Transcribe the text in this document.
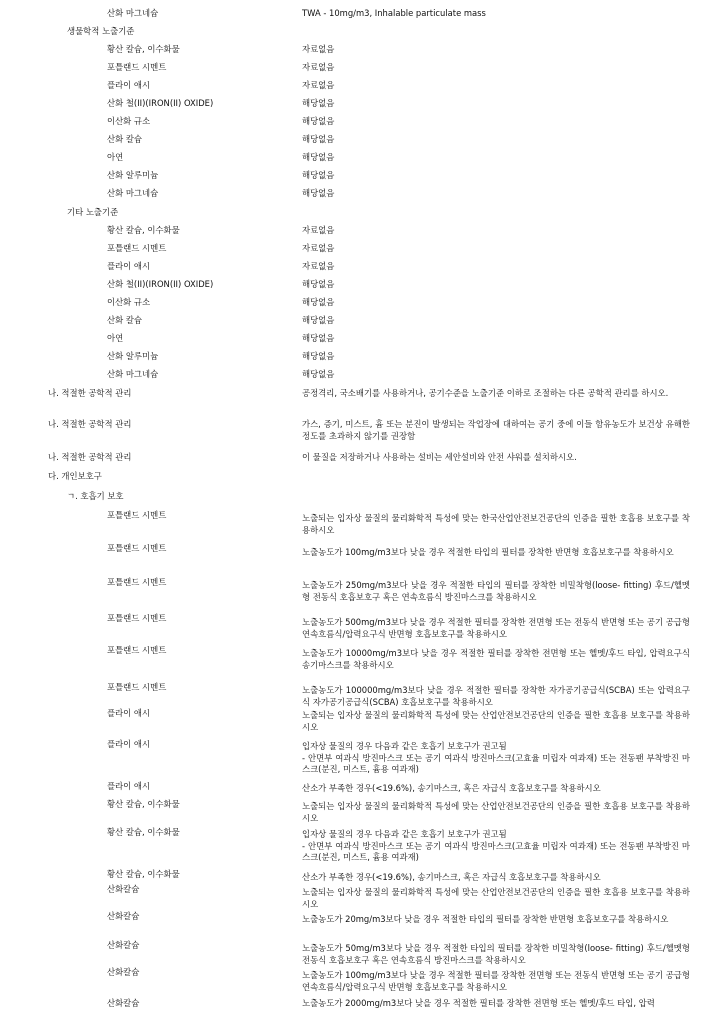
산화 마그네슘	TWA - 10mg/m3, Inhalable particulate mass
생물학적 노출기준
황산 칼슘, 이수화물	자료없음
포틀랜드 시멘트	자료없음
플라이 애시	자료없음
산화 철(II)(IRON(II) OXIDE)	해당없음
이산화 규소	해당없음
산화 칼슘	해당없음
아연	해당없음
산화 알루미늄	해당없음
산화 마그네슘	해당없음
기타 노출기준
황산 칼슘, 이수화물	자료없음
포틀랜드 시멘트	자료없음
플라이 애시	자료없음
산화 철(II)(IRON(II) OXIDE)	해당없음
이산화 규소	해당없음
산화 칼슘	해당없음
아연	해당없음
산화 알루미늄	해당없음
산화 마그네슘	해당없음
나. 적절한 공학적 관리	공정격리, 국소배기를 사용하거나, 공기수준을 노출기준 이하로 조절하는 다른 공학적 관리를 하시오.
나. 적절한 공학적 관리	가스, 증기, 미스트, 흄 또는 분진이 발생되는 작업장에 대하여는 공기 중에 이들 함유농도가 보건상 유해한 정도를 초과하지 않기를 권장함
나. 적절한 공학적 관리	이 물질을 저장하거나 사용하는 설비는 세안설비와 안전 샤워를 설치하시오.
다. 개인보호구
ㄱ. 호흡기 보호
포틀랜드 시멘트	노출되는 입자상 물질의 물리화학적 특성에 맞는 한국산업안전보건공단의 인증을 필한 호흡용 보호구를 착용하시오
포틀랜드 시멘트	노출농도가 100mg/m3보다 낮을 경우 적절한 타입의 필터를 장착한 반면형 호흡보호구를 착용하시오
포틀랜드 시멘트	노출농도가 250mg/m3보다 낮을 경우 적절한 타입의 필터를 장착한 비밀착형(loose- fitting) 후드/헬멧형 전동식 호흡보호구 혹은 연속흐름식 방진마스크를 착용하시오
포틀랜드 시멘트	노출농도가 500mg/m3보다 낮을 경우 적절한 필터를 장착한 전면형 또는 전동식 반면형 또는 공기 공급형 연속흐름식/압력요구식 반면형 호흡보호구를 착용하시오
포틀랜드 시멘트	노출농도가 10000mg/m3보다 낮을 경우 적절한 필터를 장착한 전면형 또는 헬멧/후드 타입, 압력요구식 송기마스크를 착용하시오
포틀랜드 시멘트	노출농도가 100000mg/m3보다 낮을 경우 적절한 필터를 장착한 자가공기공급식(SCBA) 또는 압력요구식 자가공기공급식(SCBA) 호흡보호구를 착용하시오
플라이 애시	노출되는 입자상 물질의 물리화학적 특성에 맞는 산업안전보건공단의 인증을 필한 호흡용 보호구를 착용하시오
플라이 애시	입자상 물질의 경우 다음과 같은 호흡기 보호구가 권고됨
- 안면부 여과식 방진마스크 또는 공기 여과식 방진마스크(고효율 미립자 여과재) 또는 전동팬 부착방진 마스크(분진, 미스트, 흄용 여과재)
플라이 애시	산소가 부족한 경우(<19.6%), 송기마스크, 혹은 자급식 호흡보호구를 착용하시오
황산 칼슘, 이수화물	노출되는 입자상 물질의 물리화학적 특성에 맞는 산업안전보건공단의 인증을 필한 호흡용 보호구를 착용하시오
황산 칼슘, 이수화물	입자상 물질의 경우 다음과 같은 호흡기 보호구가 권고됨
- 안면부 여과식 방진마스크 또는 공기 여과식 방진마스크(고효율 미립자 여과재) 또는 전동팬 부착방진 마스크(분진, 미스트, 흄용 여과재)
황산 칼슘, 이수화물	산소가 부족한 경우(<19.6%), 송기마스크, 혹은 자급식 호흡보호구를 착용하시오
산화칼슘	노출되는 입자상 물질의 물리화학적 특성에 맞는 산업안전보건공단의 인증을 필한 호흡용 보호구를 착용하시오
산화칼슘	노출농도가 20mg/m3보다 낮을 경우 적절한 타입의 필터를 장착한 반면형 호흡보호구를 착용하시오
산화칼슘	노출농도가 50mg/m3보다 낮을 경우 적절한 타입의 필터를 장착한 비밀착형(loose- fitting) 후드/헬멧형 전동식 호흡보호구 혹은 연속흐름식 방진마스크를 착용하시오
산화칼슘	노출농도가 100mg/m3보다 낮을 경우 적절한 필터를 장착한 전면형 또는 전동식 반면형 또는 공기 공급형 연속흐름식/압력요구식 반면형 호흡보호구를 착용하시오
산화칼슘	노출농도가 2000mg/m3보다 낮을 경우 적절한 필터를 장착한 전면형 또는 헬멧/후드 타입, 압력
